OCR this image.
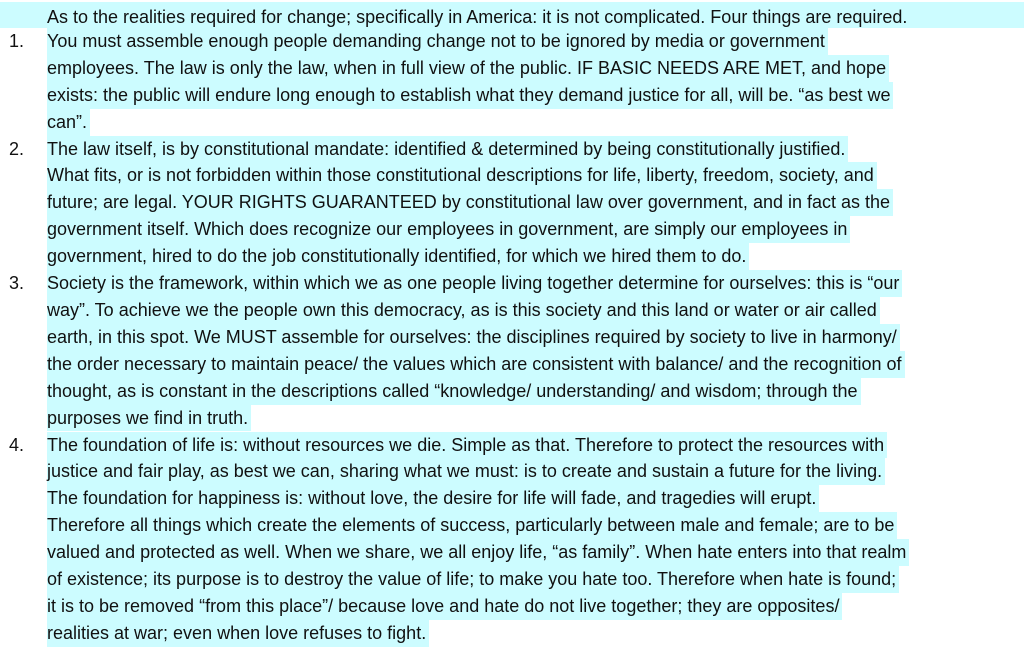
As to the realities required for change; specifically in America: it is not complicated. Four things are required.
1.	You must assemble enough people demanding change not to be ignored by media or government
employees. The law is only the law, when in full view of the public. IF BASIC NEEDS ARE MET, and hope
exists: the public will endure long enough to establish what they demand justice for all, will be. “as best we
can”.
2.	The law itself, is by constitutional mandate: identified & determined by being constitutionally justified.
What fits, or is not forbidden within those constitutional descriptions for life, liberty, freedom, society, and
future; are legal. YOUR RIGHTS GUARANTEED by constitutional law over government, and in fact as the
government itself. Which does recognize our employees in government, are simply our employees in
government, hired to do the job constitutionally identified, for which we hired them to do.
3.	Society is the framework, within which we as one people living together determine for ourselves: this is “our
way”. To achieve we the people own this democracy, as is this society and this land or water or air called
earth, in this spot. We MUST assemble for ourselves: the disciplines required by society to live in harmony/
the order necessary to maintain peace/ the values which are consistent with balance/ and the recognition of
thought, as is constant in the descriptions called “knowledge/ understanding/ and wisdom; through the
purposes we find in truth.
4.	The foundation of life is: without resources we die. Simple as that. Therefore to protect the resources with
justice and fair play, as best we can, sharing what we must: is to create and sustain a future for the living.
The foundation for happiness is: without love, the desire for life will fade, and tragedies will erupt.
Therefore all things which create the elements of success, particularly between male and female; are to be
valued and protected as well. When we share, we all enjoy life, “as family”. When hate enters into that realm
of existence; its purpose is to destroy the value of life; to make you hate too. Therefore when hate is found;
it is to be removed “from this place”/ because love and hate do not live together; they are opposites/
realities at war; even when love refuses to fight.
